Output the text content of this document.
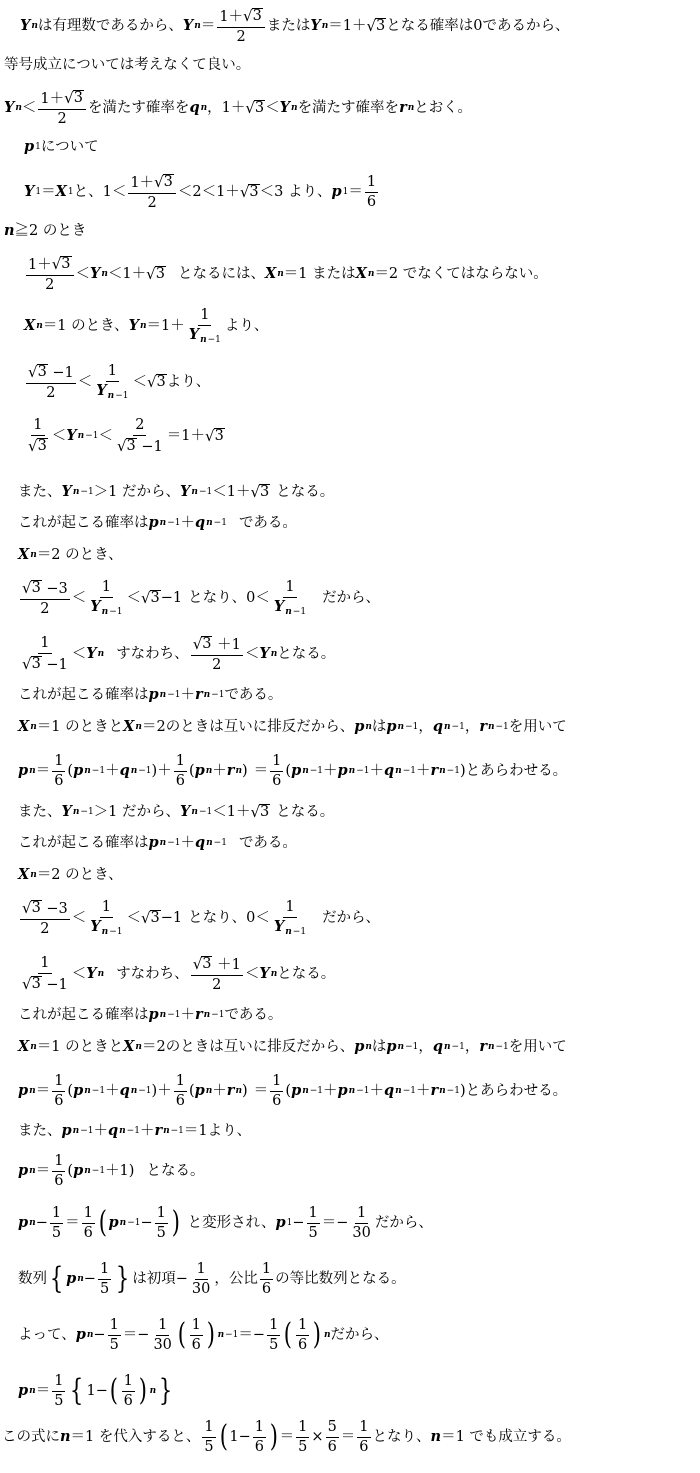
Y n は有理数であるから、 Y $n = \frac{1+ √ 3}{2}$ または Y n ＝1＋ √ 3 となる確率は0であるから、
等号成立については考えなくて良い。
Y $n < \frac{1+ √ 3}{2}$ を満たす確率を q n ，1＋ √ 3 ＜ Y n を満たす確率を r n とおく。
p 1 について
Y 1 ＝ X 1 と、$1< \frac{1+ √ 3}{2} <2<1+$ √ 3 ＜3 より、 p $1 = \frac{1}{6}$
n ≧2 のとき
$\frac{1+ √ 3}{2} < Y$ n ＜1＋ √ 3 となるには、 X n ＝1 または X n ＝2 でなくてはならない。
X n ＝1 のとき、 Y $n =1+ \frac{1}{Y_{n-1}}$ より、
$\frac{√ 3 -1}{2} < \frac{1}{Y_{n-1}}$ ＜ √ 3 より、
$\frac{1}{√ 3} < Y$ $n -1 < \frac{2}{√ 3 -1} =1+$ √ 3
また、 Y n −1 ＞1 だから、 Y n −1 ＜1＋ √ 3 となる。
これが起こる確率は p n −1 ＋ q n −1 である。
X n ＝2 のとき、
$\frac{√ 3 -3}{2} < \frac{1}{Y_{n-1}}$ ＜ √ 3 −1
となり、$0< \frac{1}{Y_{n-1}}$ だから、
$\frac{1}{√ 3 -1} < Y$ n すなわち、 $\frac{√ 3 +1}{2} < Y$ n となる。
これが起こる確率は p n −1 ＋ r n −1 である。
X n ＝1 のときと X n ＝2のときは互いに排反だから、 p n は p n −1 ， q n −1 ， r n −1 を用いて
p $n = \frac{1}{6}$ ( p n −1 ＋ q n −1 )＋ $\frac{1}{6}$ ( p n ＋ r n ) ＝ $\frac{1}{6}$ ( p n −1 ＋ p n −1 ＋ q n −1 ＋ r n −1 )とあらわせる。
また、 Y n −1 ＞1 だから、 Y n −1 ＜1＋ √ 3 となる。
これが起こる確率は p n −1 ＋ q n −1 である。
X n ＝2 のとき、
$\frac{√ 3 -3}{2} < \frac{1}{Y_{n-1}}$ ＜ √ 3 −1
となり、$0< \frac{1}{Y_{n-1}}$ だから、
$\frac{1}{√ 3 -1} < Y$ n すなわち、 $\frac{√ 3 +1}{2} < Y$ n となる。
これが起こる確率は p n −1 ＋ r n −1 である。
X n ＝1 のときと X n ＝2のときは互いに排反だから、 p n は p n −1 ， q n −1 ， r n −1 を用いて
p $n = \frac{1}{6}$ ( p n −1 ＋ q n −1 )＋ $\frac{1}{6}$ ( p n ＋ r n ) ＝ $\frac{1}{6}$ ( p n −1 ＋ p n −1 ＋ q n −1 ＋ r n −1 )とあらわせる。
また、 p n −1 ＋ q n −1 ＋ r n −1 ＝1より、
p $n = \frac{1}{6}$ ( p n −1 ＋1)
となる。
p $n - \frac{1}{5} = \frac{1}{6}$ ( p $n -1 - \frac{1}{5}$ ) と変形され、 p $1 - \frac{1}{5} =- \frac{1}{30}$ だから、
数列 { p $n - \frac{1}{5}$ } は初項− $\frac{1}{30}$ ，公比 $\frac{1}{6}$ の等比数列となる。
よって、 p $n - \frac{1}{5} =- \frac{1}{30}$ ( $\frac{1}{6}$ ) $n -1 =- \frac{1}{5}$ ( $\frac{1}{6}$ ) n だから、
p $n = \frac{1}{5}$ { 1− ( $\frac{1}{6}$ ) n }
この式に n ＝1 を代入すると、 $\frac{1}{5}$ ( $1- \frac{1}{6}$ ) ＝ $\frac{1}{5} \times \frac{5}{6} = \frac{1}{6}$ となり、 n ＝1 でも成立する。
